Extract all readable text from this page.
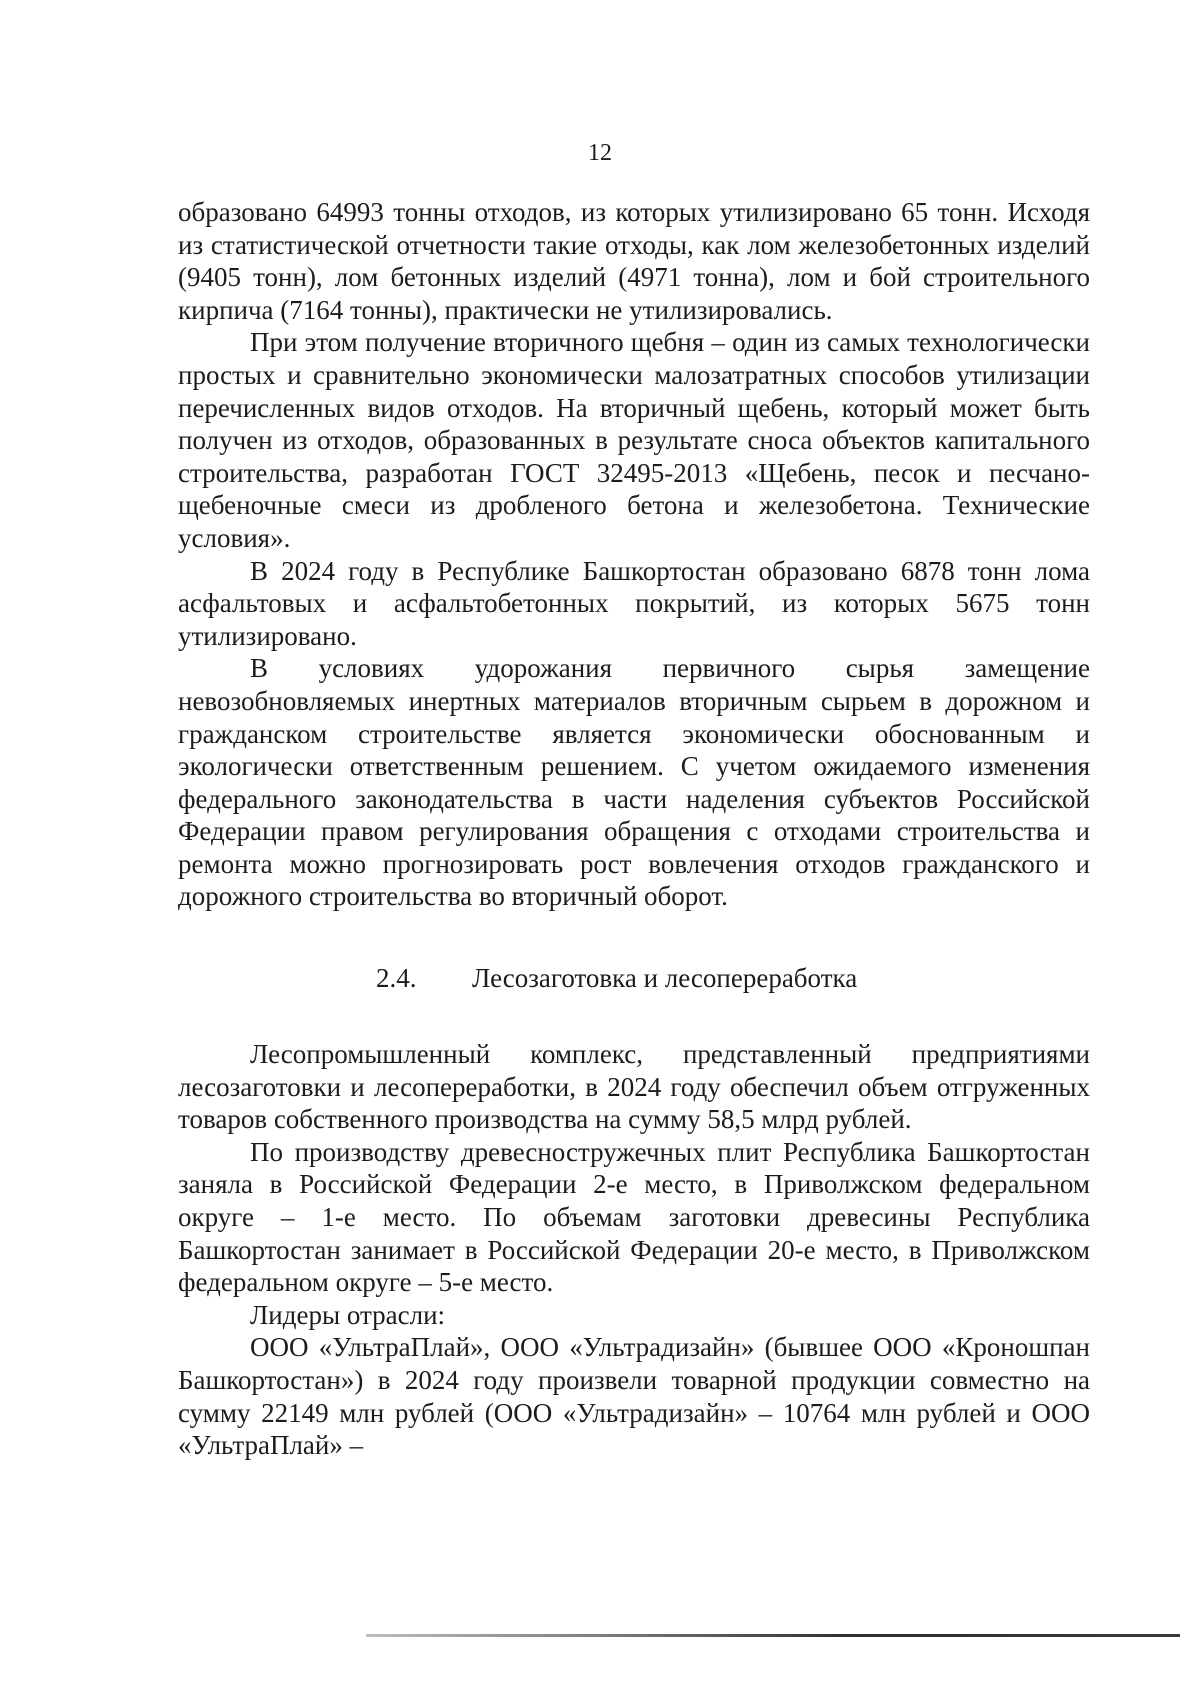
12

образовано 64993 тонны отходов, из которых утилизировано 65 тонн. Исходя из статистической отчетности такие отходы, как лом железобетонных изделий (9405 тонн), лом бетонных изделий (4971 тонна), лом и бой строительного кирпича (7164 тонны), практически не утилизировались.

При этом получение вторичного щебня – один из самых технологически простых и сравнительно экономически малозатратных способов утилизации перечисленных видов отходов. На вторичный щебень, который может быть получен из отходов, образованных в результате сноса объектов капитального строительства, разработан ГОСТ 32495-2013 «Щебень, песок и песчано-щебеночные смеси из дробленого бетона и железобетона. Технические условия».

В 2024 году в Республике Башкортостан образовано 6878 тонн лома асфальтовых и асфальтобетонных покрытий, из которых 5675 тонн утилизировано.

В условиях удорожания первичного сырья замещение невозобновляемых инертных материалов вторичным сырьем в дорожном и гражданском строительстве является экономически обоснованным и экологически ответственным решением. С учетом ожидаемого изменения федерального законодательства в части наделения субъектов Российской Федерации правом регулирования обращения с отходами строительства и ремонта можно прогнозировать рост вовлечения отходов гражданского и дорожного строительства во вторичный оборот.

2.4. Лесозаготовка и лесопереработка

Лесопромышленный комплекс, представленный предприятиями лесозаготовки и лесопереработки, в 2024 году обеспечил объем отгруженных товаров собственного производства на сумму 58,5 млрд рублей.

По производству древесностружечных плит Республика Башкортостан заняла в Российской Федерации 2-е место, в Приволжском федеральном округе – 1-е место. По объемам заготовки древесины Республика Башкортостан занимает в Российской Федерации 20-е место, в Приволжском федеральном округе – 5-е место.

Лидеры отрасли:

ООО «УльтраПлай», ООО «Ультрадизайн» (бывшее ООО «Кроношпан Башкортостан») в 2024 году произвели товарной продукции совместно на сумму 22149 млн рублей (ООО «Ультрадизайн» – 10764 млн рублей и ООО «УльтраПлай» –
